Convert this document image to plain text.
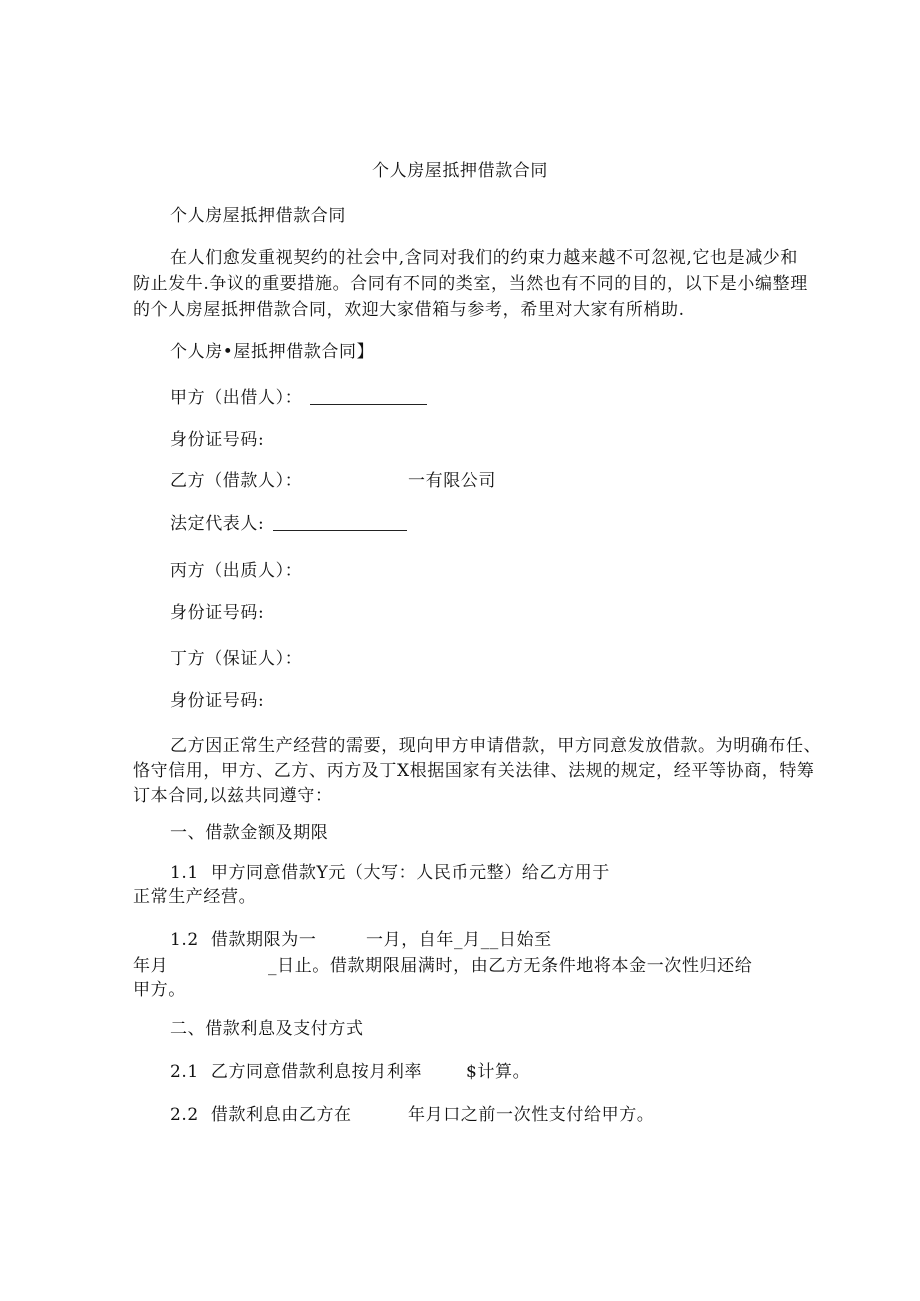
个人房屋抵押借款合同
个人房屋抵押借款合同
在人们愈发重视契约的社会中,含同对我们的约束力越来越不可忽视,它也是减少和
防止发牛.争议的重要措施。合同有不同的类室，当然也有不同的目的，以下是小编整理
的个人房屋抵押借款合同，欢迎大家借箱与参考，希里对大家有所梢助.
个人房•屋抵押借款合同】
甲方（出借人）：
身份证号码:
乙方（借款人）：	一有限公司
法定代表人:
丙方（出质人）：
身份证号码:
丁方（保证人）：
身份证号码:
乙方因正常生产经营的需要，现向甲方申请借款，甲方同意发放借款。为明确布任、
恪守信用，甲方、乙方、丙方及丁X根据国家有关法律、法规的规定，经平等协商，特筹
订本合同,以兹共同遵守：
一、借款金额及期限
1.1  甲方同意借款Y元（大写：人民币元整）给乙方用于
正常生产经营。
1.2  借款期限为一	一月，自年_月__日始至
年月	_日止。借款期限届满时，由乙方无条件地将本金一次性归还给
甲方。
二、借款利息及支付方式
2.1  乙方同意借款利息按月利率	$计算。
2.2  借款利息由乙方在	年月口之前一次性支付给甲方。
